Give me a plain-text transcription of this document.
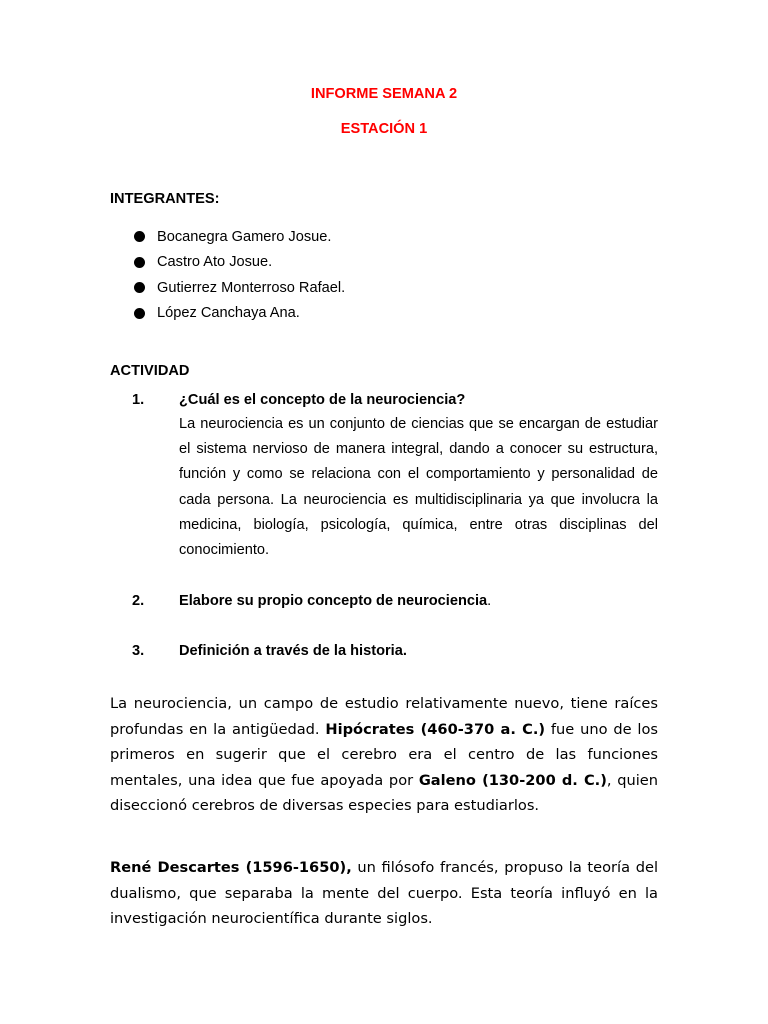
INFORME SEMANA 2
ESTACIÓN 1
INTEGRANTES:
Bocanegra Gamero Josue.
Castro Ato Josue.
Gutierrez Monterroso Rafael.
López Canchaya Ana.
ACTIVIDAD
1. ¿Cuál es el concepto de la neurociencia?

La neurociencia es un conjunto de ciencias que se encargan de estudiar el sistema nervioso de manera integral, dando a conocer su estructura, función y como se relaciona con el comportamiento y personalidad de cada persona. La neurociencia es multidisciplinaria ya que involucra la medicina, biología, psicología, química, entre otras disciplinas del conocimiento.

2. Elabore su propio concepto de neurociencia.
3. Definición a través de la historia.

La neurociencia, un campo de estudio relativamente nuevo, tiene raíces profundas en la antigüedad. Hipócrates (460-370 a. C.) fue uno de los primeros en sugerir que el cerebro era el centro de las funciones mentales, una idea que fue apoyada por Galeno (130-200 d. C.), quien diseccionó cerebros de diversas especies para estudiarlos.

René Descartes (1596-1650), un filósofo francés, propuso la teoría del dualismo, que separaba la mente del cuerpo. Esta teoría influyó en la investigación neurocientífica durante siglos.
